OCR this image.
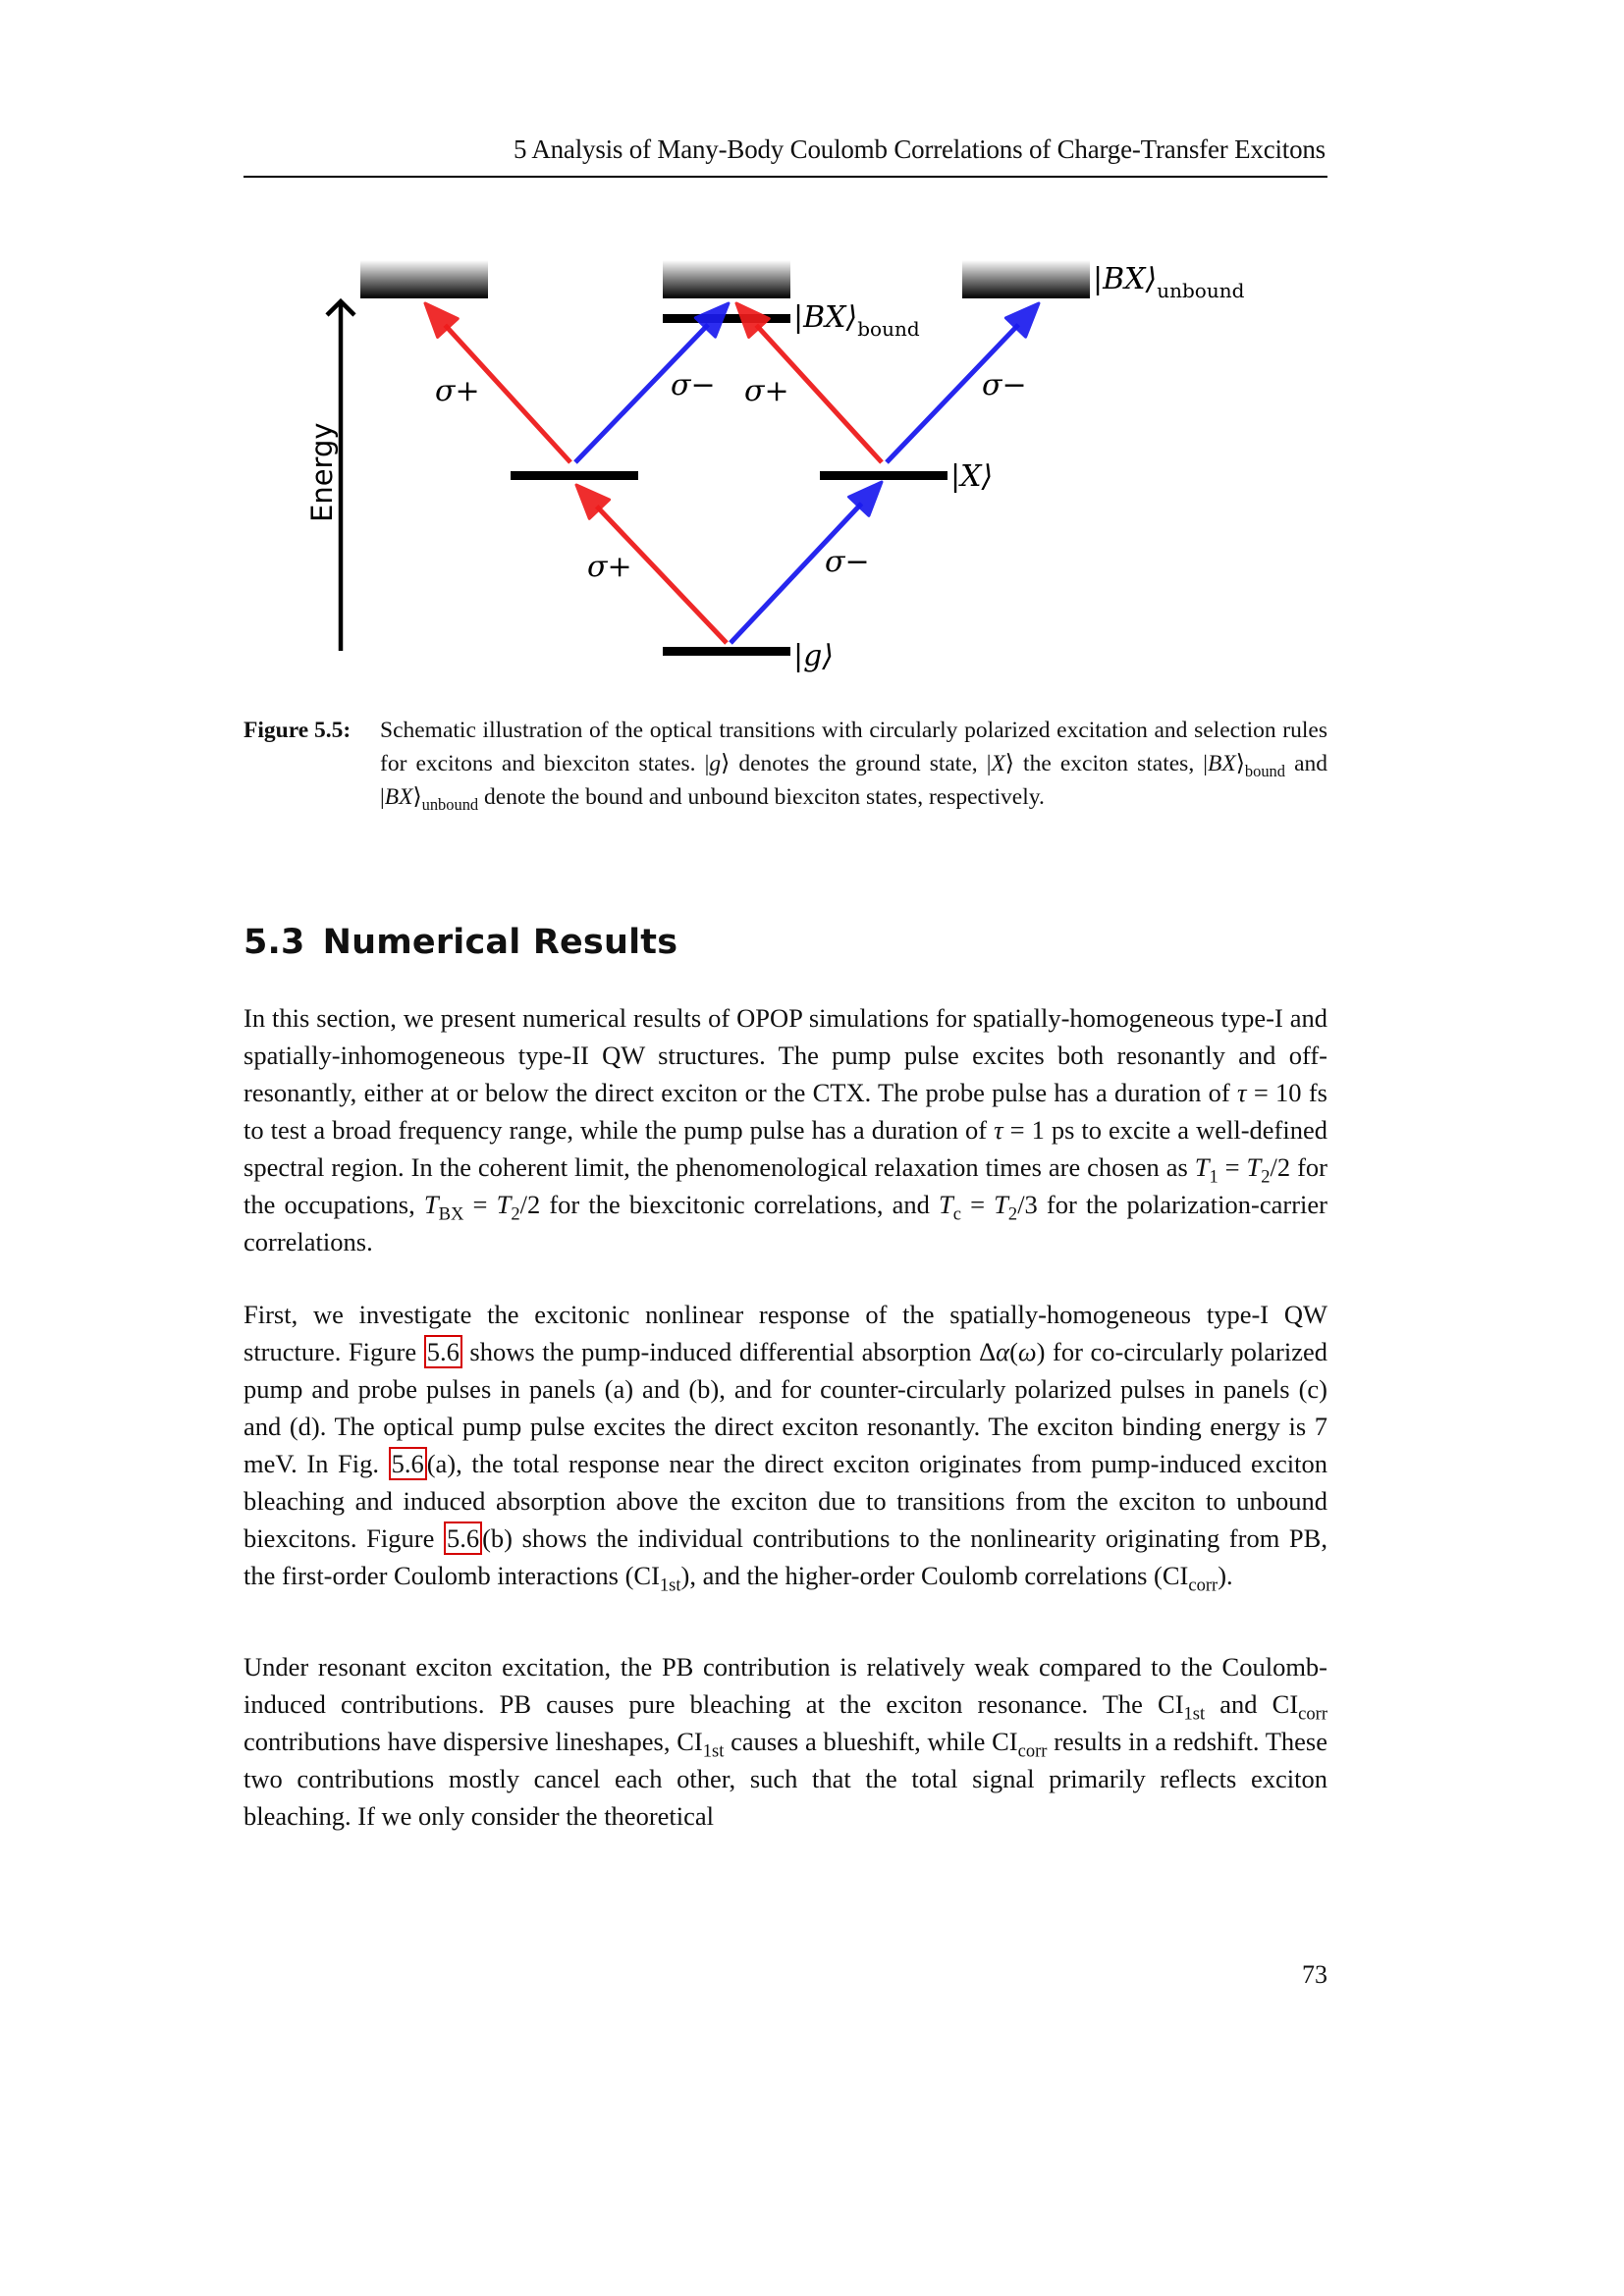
5 Analysis of Many-Body Coulomb Correlations of Charge-Transfer Excitons
Energy
$|BX⟩_{unbound}$
$|BX⟩_{bound}$
|X⟩
|g⟩
σ+	σ− σ+	σ−
σ+	σ−
Figure 5.5: Schematic illustration of the optical transitions with circularly polarized excitation and selection rules for excitons and biexciton states. |g⟩ denotes the ground state, |X⟩ the exciton states, $|BX⟩_{bound}$ and $|BX⟩_{unbound}$ denote the bound and unbound biexciton states, respectively.
5.3 Numerical Results

In this section, we present numerical results of OPOP simulations for spatially-homogeneous type-I and spatially-inhomogeneous type-II QW structures. The pump pulse excites both resonantly and off-resonantly, either at or below the direct exciton or the CTX. The probe pulse has a duration of τ = 10 fs to test a broad frequency range, while the pump pulse has a duration of τ = 1 ps to excite a well-defined spectral region. In the coherent limit, the phenomenological relaxation times are chosen as $T_1 = T_2/2$ for the occupations, $T_{BX} = T_2/2$ for the biexcitonic correlations, and $T_c = T_2/3$ for the polarization-carrier correlations.

First, we investigate the excitonic nonlinear response of the spatially-homogeneous type-I QW structure. Figure 5.6 shows the pump-induced differential absorption Δα(ω) for co-circularly polarized pump and probe pulses in panels (a) and (b), and for counter-circularly polarized pulses in panels (c) and (d). The optical pump pulse excites the direct exciton resonantly. The exciton binding energy is 7 meV. In Fig. 5.6 (a), the total response near the direct exciton originates from pump-induced exciton bleaching and induced absorption above the exciton due to transitions from the exciton to unbound biexcitons. Figure 5.6 (b) shows the individual contributions to the nonlinearity originating from PB, the first-order Coulomb interactions $(CI_{1st})$, and the higher-order Coulomb correlations $(CI_{corr})$.

Under resonant exciton excitation, the PB contribution is relatively weak compared to the Coulomb-induced contributions. PB causes pure bleaching at the exciton resonance. The $CI_{1st}$ and $CI_{corr}$ contributions have dispersive lineshapes, $CI_{1st}$ causes a blueshift, while $CI_{corr}$ results in a redshift. These two contributions mostly cancel each other, such that the total signal primarily reflects exciton bleaching. If we only consider the theoretical

73
